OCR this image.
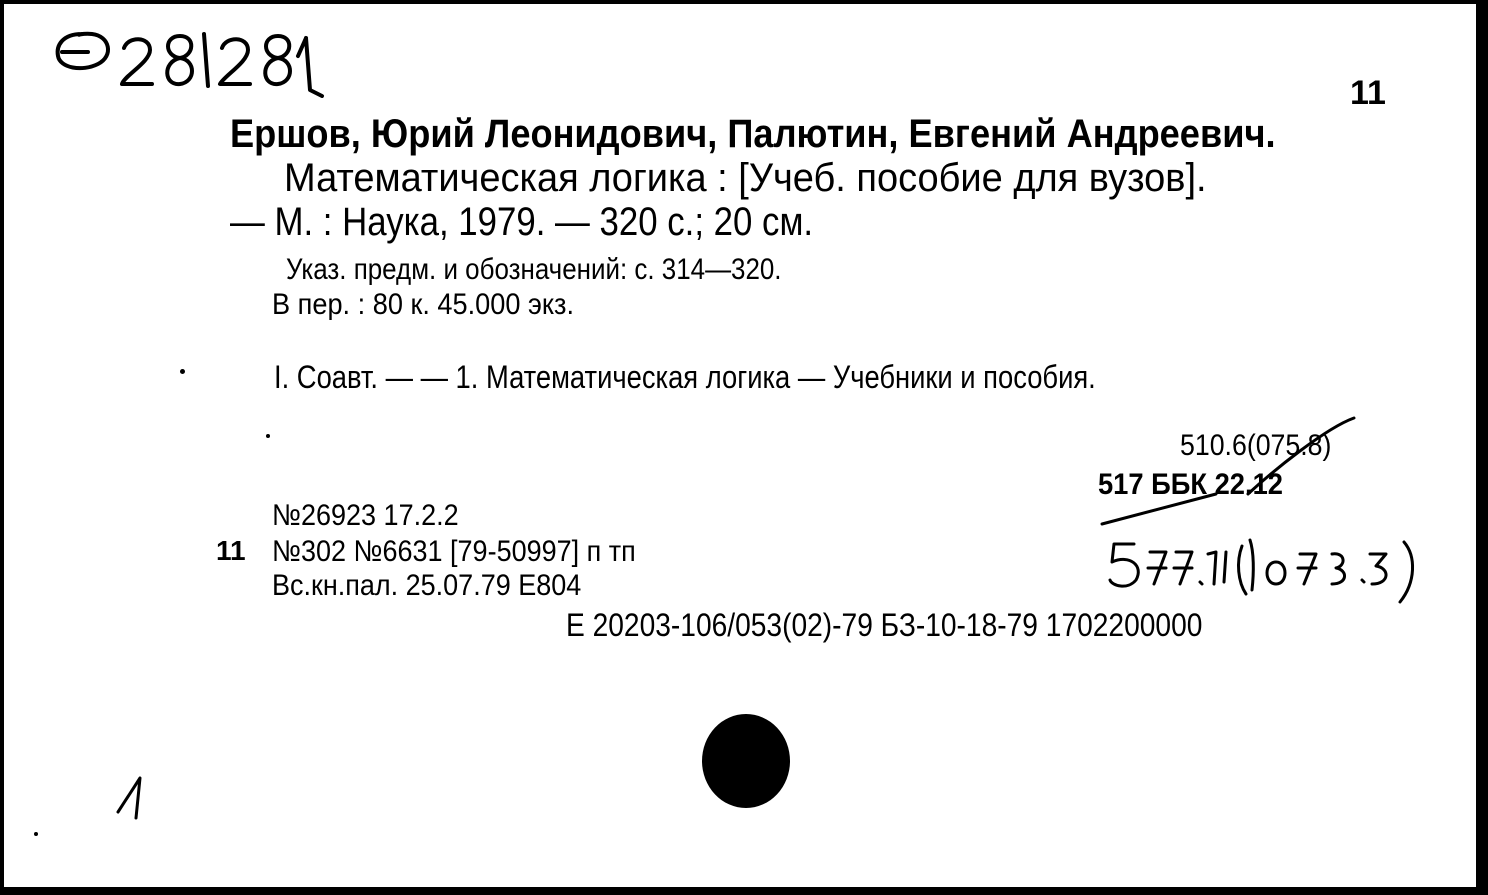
11
Ершов, Юрий Леонидович, Палютин, Евгений Андреевич.
Математическая логика : [Учеб. пособие для вузов].
— М. : Наука, 1979. — 320 с.; 20 см.
Указ. предм. и обозначений: с. 314—320.
В пер. : 80 к. 45.000 экз.
I. Соавт. — — 1. Математическая логика — Учебники и пособия.
510.6(075.8)
517 ББК 22.12
№26923 17.2.2
11 №302 №6631 [79-50997] п тп
Вс.кн.пал. 25.07.79 Е804
Е 20203-106/053(02)-79 БЗ-10-18-79 1702200000
